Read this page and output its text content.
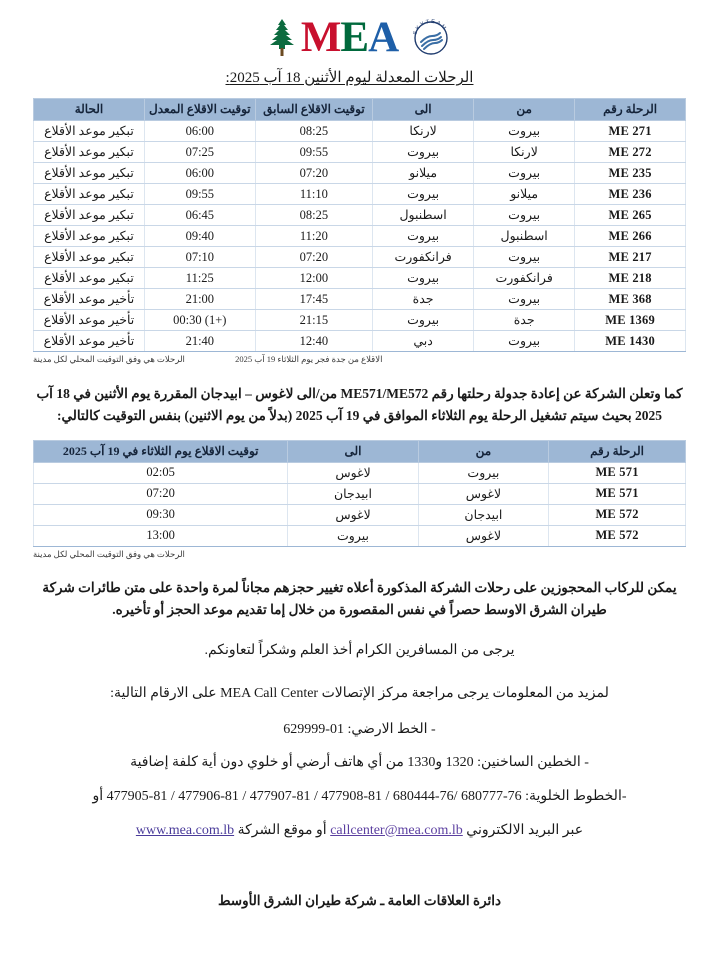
M E A	SKYTEAM
الرحلات المعدلة ليوم الأثنين 18 آب 2025:
الرحلة رقم	من	الى	توقيت الاقلاع السابق	توقيت الاقلاع المعدل	الحالة
ME 271	بيروت	لارنكا	08:25	06:00	تبكير موعد الأقلاع
ME 272	لارنكا	بيروت	09:55	07:25	تبكير موعد الأقلاع
ME 235	بيروت	ميلانو	07:20	06:00	تبكير موعد الأقلاع
ME 236	ميلانو	بيروت	11:10	09:55	تبكير موعد الأقلاع
ME 265	بيروت	اسطنبول	08:25	06:45	تبكير موعد الأقلاع
ME 266	اسطنبول	بيروت	11:20	09:40	تبكير موعد الأقلاع
ME 217	بيروت	فرانكفورت	07:20	07:10	تبكير موعد الأقلاع
ME 218	فرانكفورت	بيروت	12:00	11:25	تبكير موعد الأقلاع
ME 368	بيروت	جدة	17:45	21:00	تأخير موعد الأقلاع
ME 1369	جدة	بيروت	21:15	(+1) 00:30	تأخير موعد الأقلاع
ME 1430	بيروت	دبي	12:40	21:40	تأخير موعد الأقلاع
الاقلاع من جدة فجر يوم الثلاثاء 19 آب 2025  الرحلات هي وفق التوقيت المحلي لكل مدينة

كما وتعلن الشركة عن إعادة جدولة رحلتها رقم ME571/ME572 من/الى لاغوس – ابيدجان المقررة يوم الأثنين في 18 آب 2025 بحيث سيتم تشغيل الرحلة يوم الثلاثاء الموافق في 19 آب 2025 (بدلاً من يوم الاثنين) بنفس التوقيت كالتالي:

الرحلة رقم	من	الى	توقيت الاقلاع يوم الثلاثاء في 19 آب 2025
ME 571	بيروت	لاغوس	02:05
ME 571	لاغوس	ابيدجان	07:20
ME 572	ابيدجان	لاغوس	09:30
ME 572	لاغوس	بيروت	13:00
الرحلات هي وفق التوقيت المحلي لكل مدينة

يمكن للركاب المحجوزين على رحلات الشركة المذكورة أعلاه تغيير حجزهم مجاناً لمرة واحدة على متن طائرات شركة طيران الشرق الاوسط حصراً في نفس المقصورة من خلال إما تقديم موعد الحجز أو تأخيره.

يرجى من المسافرين الكرام أخذ العلم وشكراً لتعاونكم.

لمزيد من المعلومات يرجى مراجعة مركز الإتصالات MEA Call Center على الارقام التالية:

- الخط الارضي: 01-629999

- الخطين الساخنين: 1320 و1330 من أي هاتف أرضي أو خلوي دون أية كلفة إضافية

-الخطوط الخلوية: 76-680777 /76-680444 / 81-477908 / 81-477907 / 81-477906 / 81-477905 أو

عبر البريد الالكتروني callcenter@mea.com.lb أو موقع الشركة www.mea.com.lb

دائرة العلاقات العامة ـ شركة طيران الشرق الأوسط
